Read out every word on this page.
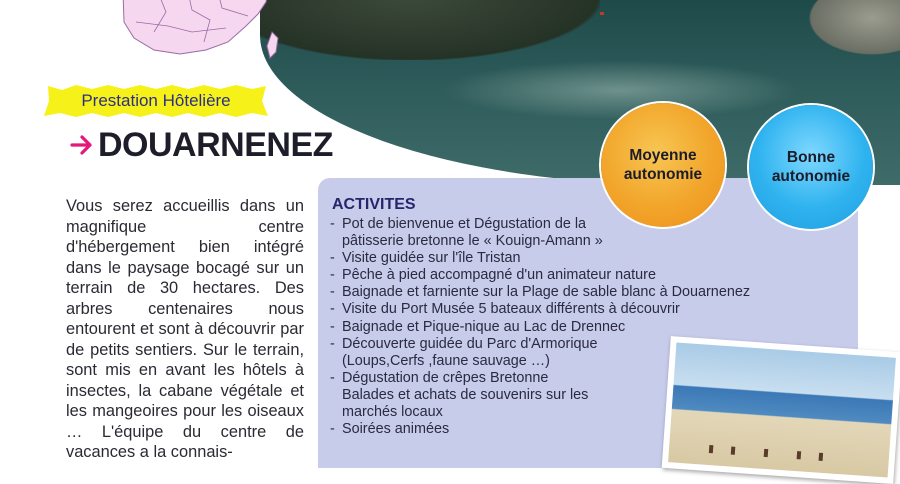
Prestation Hôtelière
DOUARNENEZ

Vous serez accueillis dans un magnifique centre d'hébergement bien intégré dans le paysage bocagé sur un terrain de 30 hectares. Des arbres centenaires nous entourent et sont à découvrir par de petits sentiers. Sur le terrain, sont mis en avant les hôtels à insectes, la cabane végétale et les mangeoires pour les oiseaux … L'équipe du centre de vacances a la connais-

ACTIVITES
- Pot de bienvenue et Dégustation de la
pâtisserie bretonne le « Kouign-Amann »
- Visite guidée sur l'île Tristan
- Pêche à pied accompagné d'un animateur nature
- Baignade et farniente sur la Plage de sable blanc à Douarnenez
- Visite du Port Musée 5 bateaux différents à découvrir
- Baignade et Pique-nique au Lac de Drennec
- Découverte guidée du Parc d'Armorique
(Loups,Cerfs ,faune sauvage …)
- Dégustation de crêpes Bretonne
Balades et achats de souvenirs sur les
marchés locaux
- Soirées animées
Moyenne
autonomie
Bonne
autonomie
